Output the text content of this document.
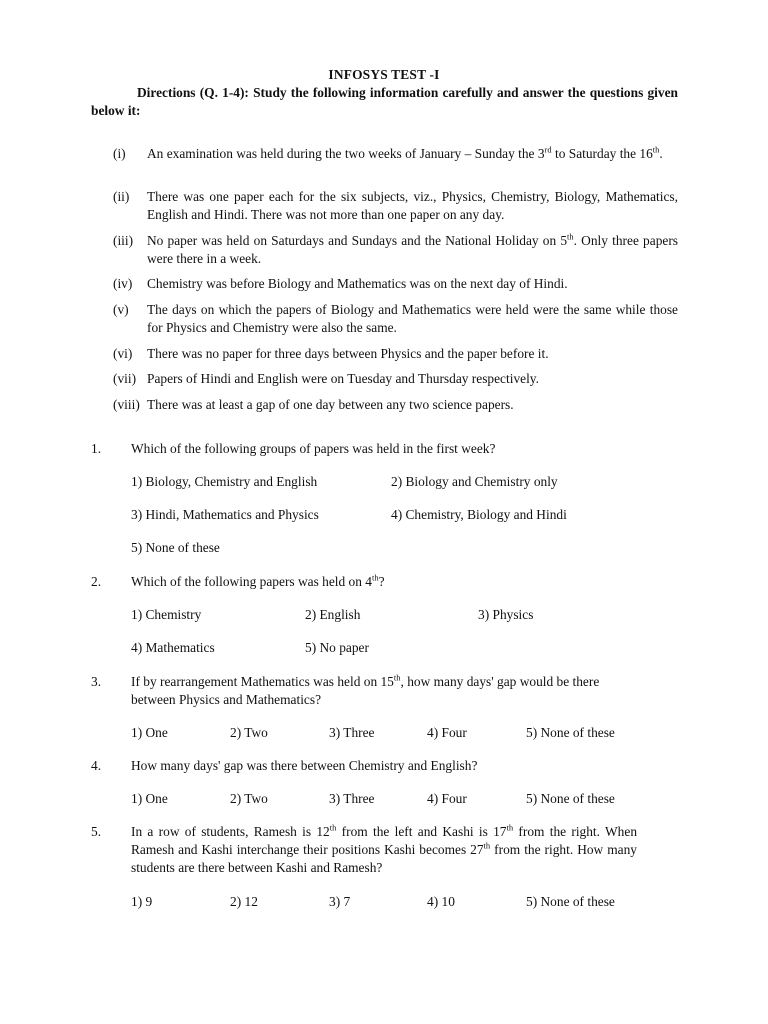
INFOSYS TEST -I
Directions (Q. 1-4): Study the following information carefully and answer the questions given below it:
(i) An examination was held during the two weeks of January – Sunday the 3rd to Saturday the 16th.
(ii) There was one paper each for the six subjects, viz., Physics, Chemistry, Biology, Mathematics, English and Hindi. There was not more than one paper on any day.
(iii) No paper was held on Saturdays and Sundays and the National Holiday on 5th. Only three papers were there in a week.
(iv) Chemistry was before Biology and Mathematics was on the next day of Hindi.
(v) The days on which the papers of Biology and Mathematics were held were the same while those for Physics and Chemistry were also the same.
(vi) There was no paper for three days between Physics and the paper before it.
(vii) Papers of Hindi and English were on Tuesday and Thursday respectively.
(viii) There was at least a gap of one day between any two science papers.
1. Which of the following groups of papers was held in the first week?
1) Biology, Chemistry and English	2) Biology and Chemistry only
3) Hindi, Mathematics and Physics	4) Chemistry, Biology and Hindi
5) None of these
2. Which of the following papers was held on 4th?
1) Chemistry	2) English	3) Physics
4) Mathematics	5) No paper
3. If by rearrangement Mathematics was held on 15th, how many days' gap would be there between Physics and Mathematics?
1) One	2) Two	3) Three	4) Four	5) None of these
4. How many days' gap was there between Chemistry and English?
1) One	2) Two	3) Three	4) Four	5) None of these
5. In a row of students, Ramesh is 12th from the left and Kashi is 17th from the right. When Ramesh and Kashi interchange their positions Kashi becomes 27th from the right. How many students are there between Kashi and Ramesh?
1) 9	2) 12	3) 7	4) 10	5) None of these
